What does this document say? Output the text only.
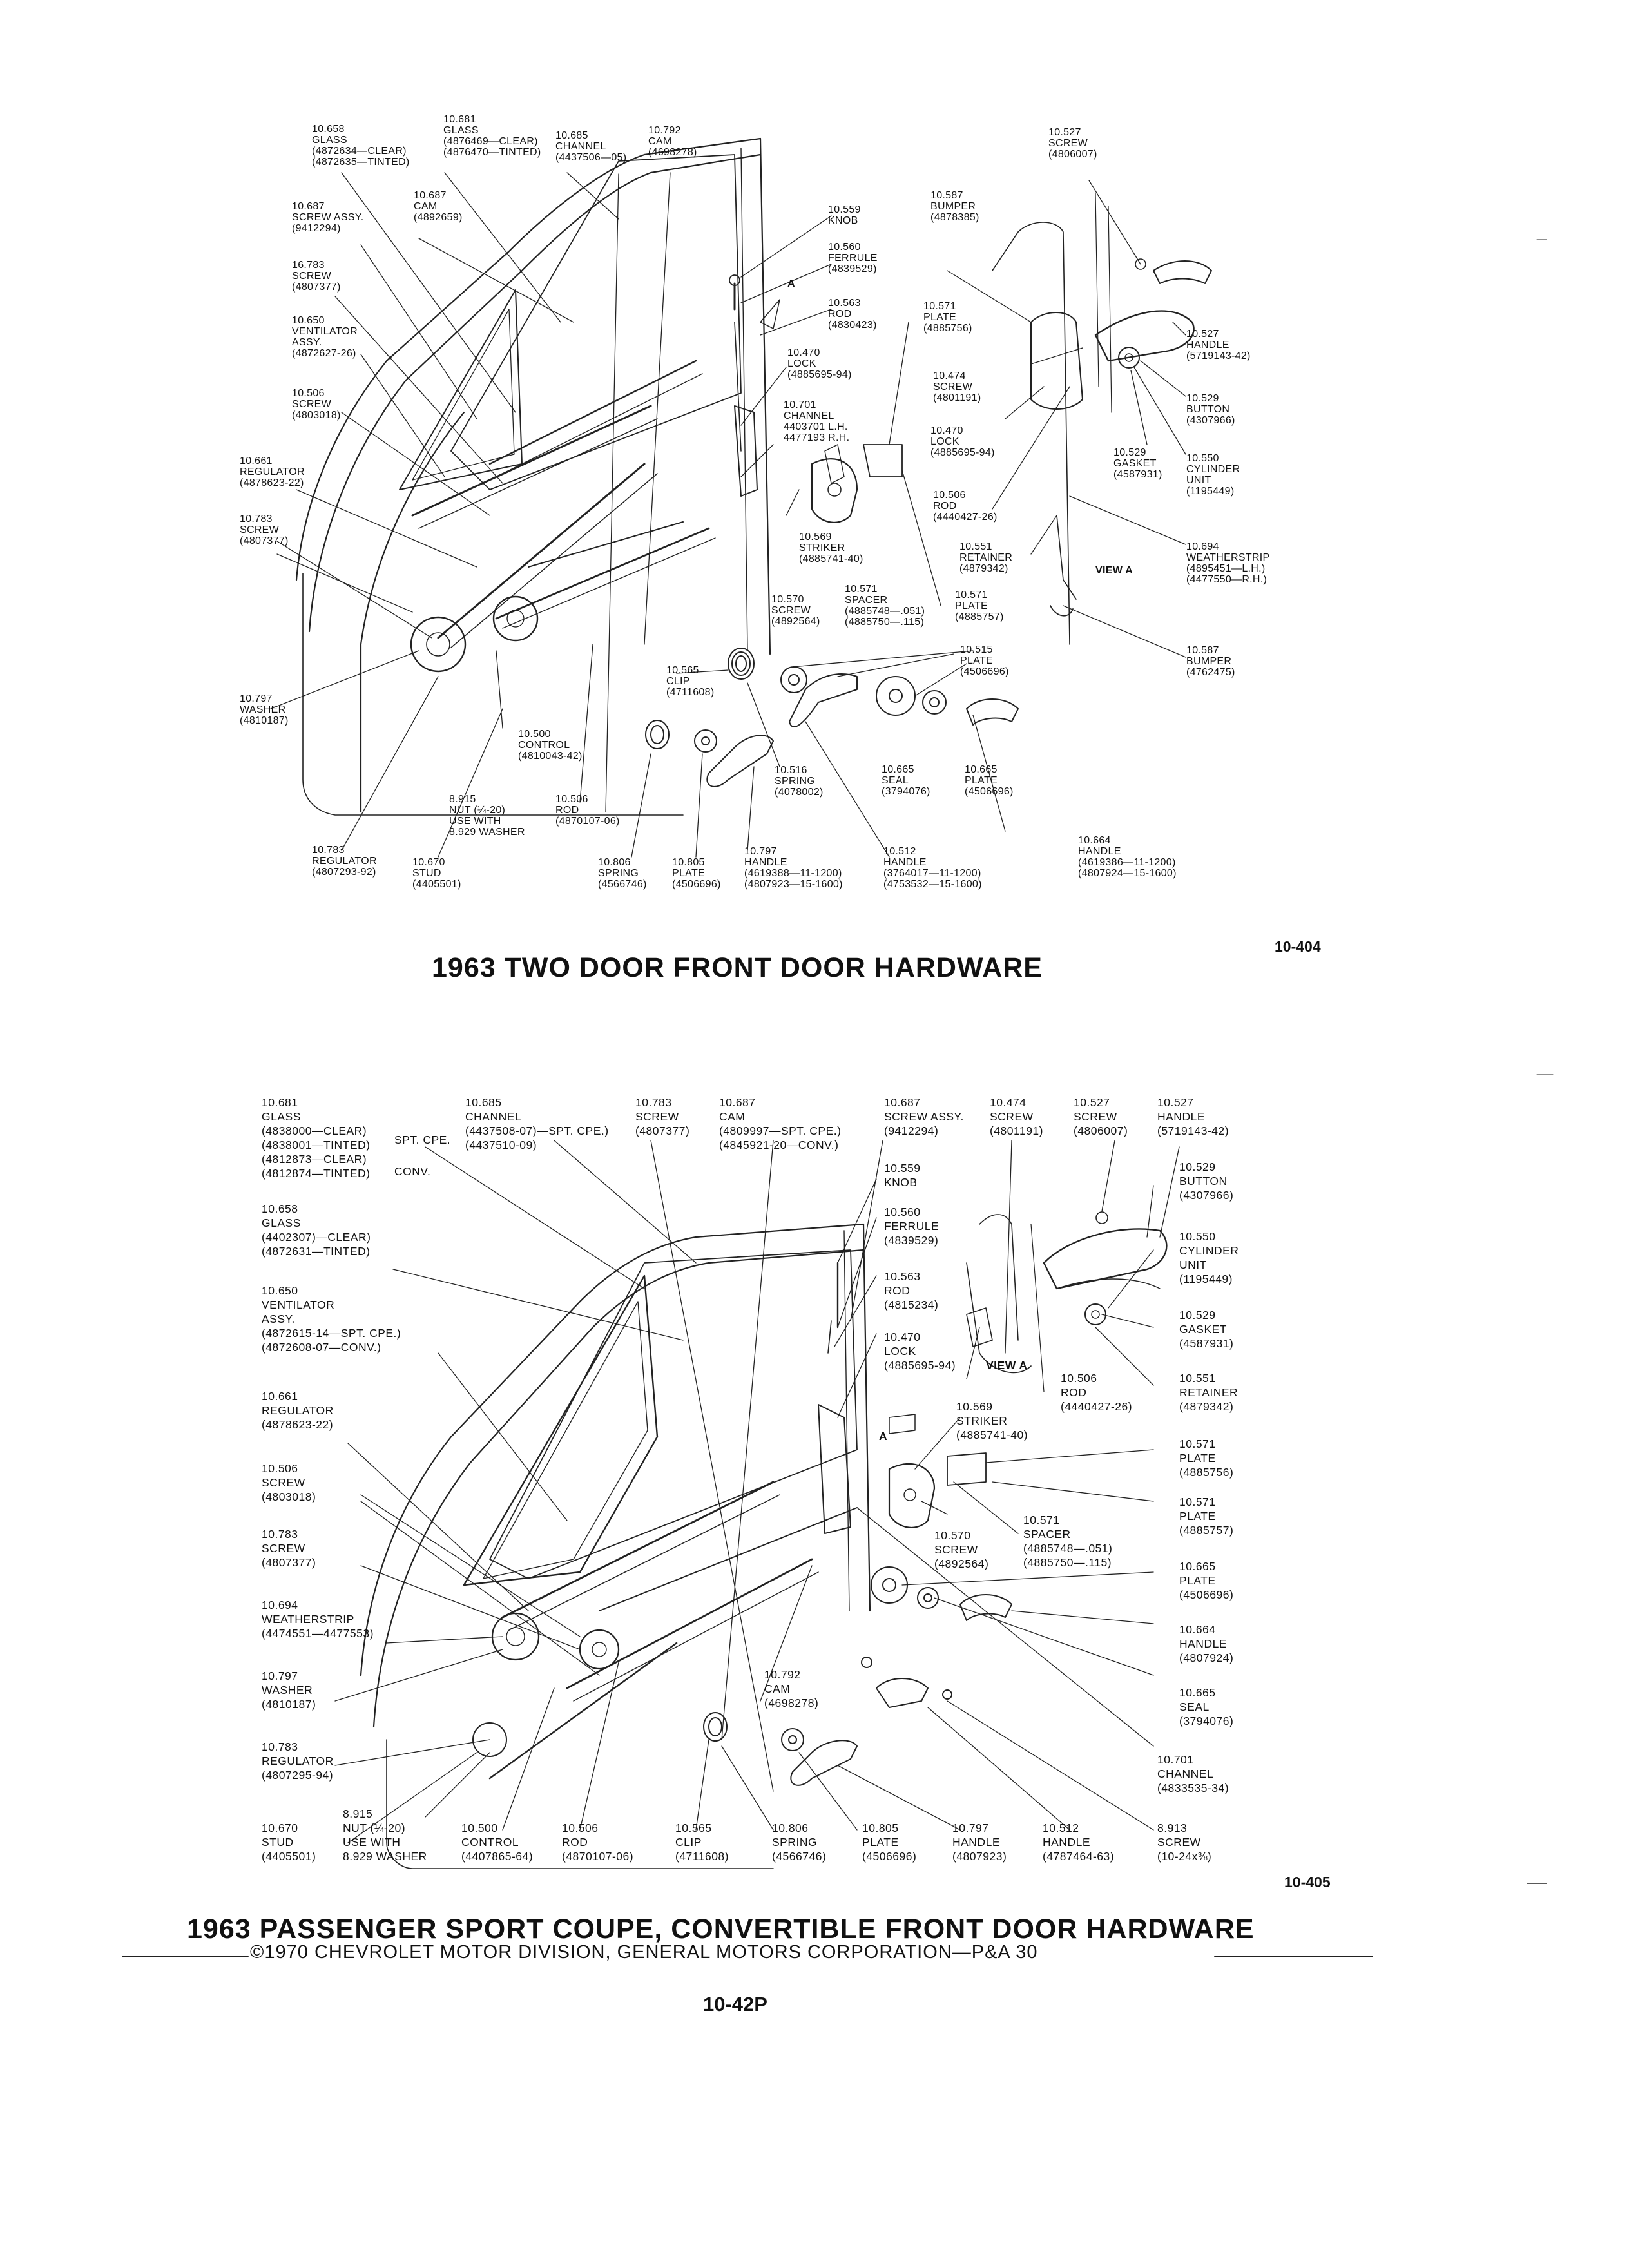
10.658
GLASS
(4872634—CLEAR)
(4872635—TINTED)
10.681
GLASS
(4876469—CLEAR)
(4876470—TINTED)
10.685
CHANNEL
(4437506—05)
10.792
CAM
(4698278)
10.687
CAM
(4892659)
10.687
SCREW ASSY.
(9412294)
16.783
SCREW
(4807377)
10.650
VENTILATOR
ASSY.
(4872627-26)
10.506
SCREW
(4803018)
10.661
REGULATOR
(4878623-22)
10.783
SCREW
(4807377)
10.797
WASHER
(4810187)
10.783
REGULATOR
(4807293-92)
10.670
STUD
(4405501)
8.915
NUT (¼-20)
USE WITH
8.929 WASHER
10.500
CONTROL
(4810043-42)
10.506
ROD
(4870107-06)
10.806
SPRING
(4566746)
10.805
PLATE
(4506696)
10.797
HANDLE
(4619388—11-1200)
(4807923—15-1600)
10.512
HANDLE
(3764017—11-1200)
(4753532—15-1600)
10.516
SPRING
(4078002)
10.565
CLIP
(4711608)
10.559
KNOB
10.560
FERRULE
(4839529)
10.563
ROD
(4830423)
10.470
LOCK
(4885695-94)
10.701
CHANNEL
4403701 L.H.
4477193 R.H.
10.569
STRIKER
(4885741-40)
10.570
SCREW
(4892564)
10.571
SPACER
(4885748—.051)
(4885750—.115)
10.571
PLATE
(4885757)
10.515
PLATE
(4506696)
10.665
SEAL
(3794076)
10.665
PLATE
(4506696)
10.664
HANDLE
(4619386—11-1200)
(4807924—15-1600)
10.587
BUMPER
(4878385)
10.571
PLATE
(4885756)
10.474
SCREW
(4801191)
10.470
LOCK
(4885695-94)
10.506
ROD
(4440427-26)
10.551
RETAINER
(4879342)
10.527
SCREW
(4806007)
10.527
HANDLE
(5719143-42)
10.529
BUTTON
(4307966)
10.529
GASKET
(4587931)
10.550
CYLINDER
UNIT
(1195449)
10.694
WEATHERSTRIP
(4895451—L.H.)
(4477550—R.H.)
10.587
BUMPER
(4762475)
VIEW A
A
10-404
1963 TWO DOOR FRONT DOOR HARDWARE
10.681
GLASS
(4838000—CLEAR)
(4838001—TINTED)
(4812873—CLEAR)
(4812874—TINTED)
SPT. CPE.
CONV.
10.685
CHANNEL
(4437508-07)—SPT. CPE.)
(4437510-09)
10.783
SCREW
(4807377)
10.687
CAM
(4809997—SPT. CPE.)
(4845921-20—CONV.)
10.687
SCREW ASSY.
(9412294)
10.474
SCREW
(4801191)
10.527
SCREW
(4806007)
10.527
HANDLE
(5719143-42)
10.658
GLASS
(4402307)—CLEAR)
(4872631—TINTED)
10.650
VENTILATOR
ASSY.
(4872615-14—SPT. CPE.)
(4872608-07—CONV.)
10.661
REGULATOR
(4878623-22)
10.506
SCREW
(4803018)
10.783
SCREW
(4807377)
10.694
WEATHERSTRIP
(4474551—4477553)
10.797
WASHER
(4810187)
10.783
REGULATOR
(4807295-94)
10.670
STUD
(4405501)
8.915
NUT (¼-20)
USE WITH
8.929 WASHER
10.500
CONTROL
(4407865-64)
10.506
ROD
(4870107-06)
10.565
CLIP
(4711608)
10.806
SPRING
(4566746)
10.805
PLATE
(4506696)
10.797
HANDLE
(4807923)
10.512
HANDLE
(4787464-63)
8.913
SCREW
(10-24x⅜)
10.792
CAM
(4698278)
10.559
KNOB
10.560
FERRULE
(4839529)
10.563
ROD
(4815234)
10.470
LOCK
(4885695-94)	VIEW A
10.569
STRIKER
(4885741-40)
10.506
ROD
(4440427-26)
10.570
SCREW
(4892564)
10.571
SPACER
(4885748—.051)
(4885750—.115)
10.529
BUTTON
(4307966)
10.550
CYLINDER
UNIT
(1195449)
10.529
GASKET
(4587931)
10.551
RETAINER
(4879342)
10.571
PLATE
(4885756)
10.571
PLATE
(4885757)
10.665
PLATE
(4506696)
10.664
HANDLE
(4807924)
10.665
SEAL
(3794076)
10.701
CHANNEL
(4833535-34)
A
10-405
1963 PASSENGER SPORT COUPE, CONVERTIBLE FRONT DOOR HARDWARE
©1970 CHEVROLET MOTOR DIVISION, GENERAL MOTORS CORPORATION—P&A 30
10-42P
